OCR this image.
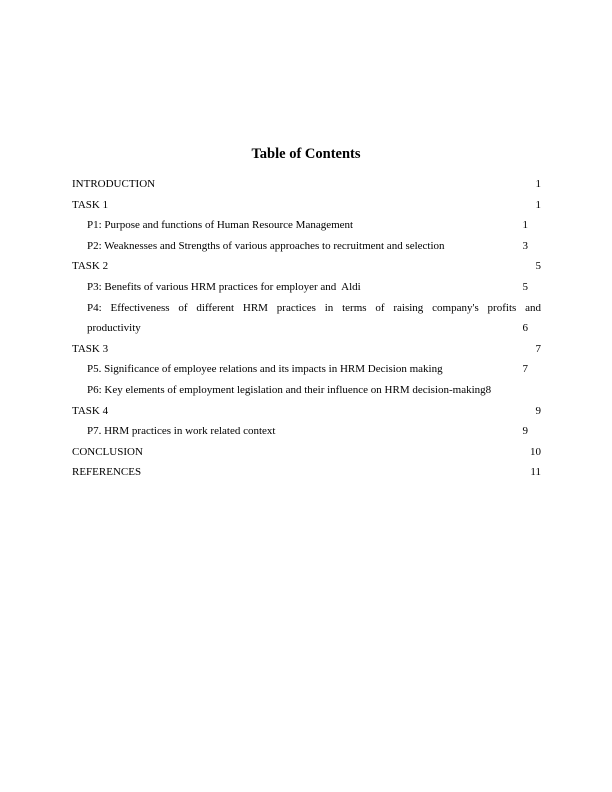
Table of Contents
INTRODUCTION	1
TASK 1	1
P1: Purpose and functions of Human Resource Management	1
P2: Weaknesses and Strengths of various approaches to recruitment and selection	3
TASK 2	5
P3: Benefits of various HRM practices for employer and  Aldi	5
P4: Effectiveness of different HRM practices in terms of raising company's profits and
productivity	6
TASK 3	7
P5. Significance of employee relations and its impacts in HRM Decision making	7
P6: Key elements of employment legislation and their influence on HRM decision-making 8
TASK 4	9
P7. HRM practices in work related context	9
CONCLUSION	10
REFERENCES	11
